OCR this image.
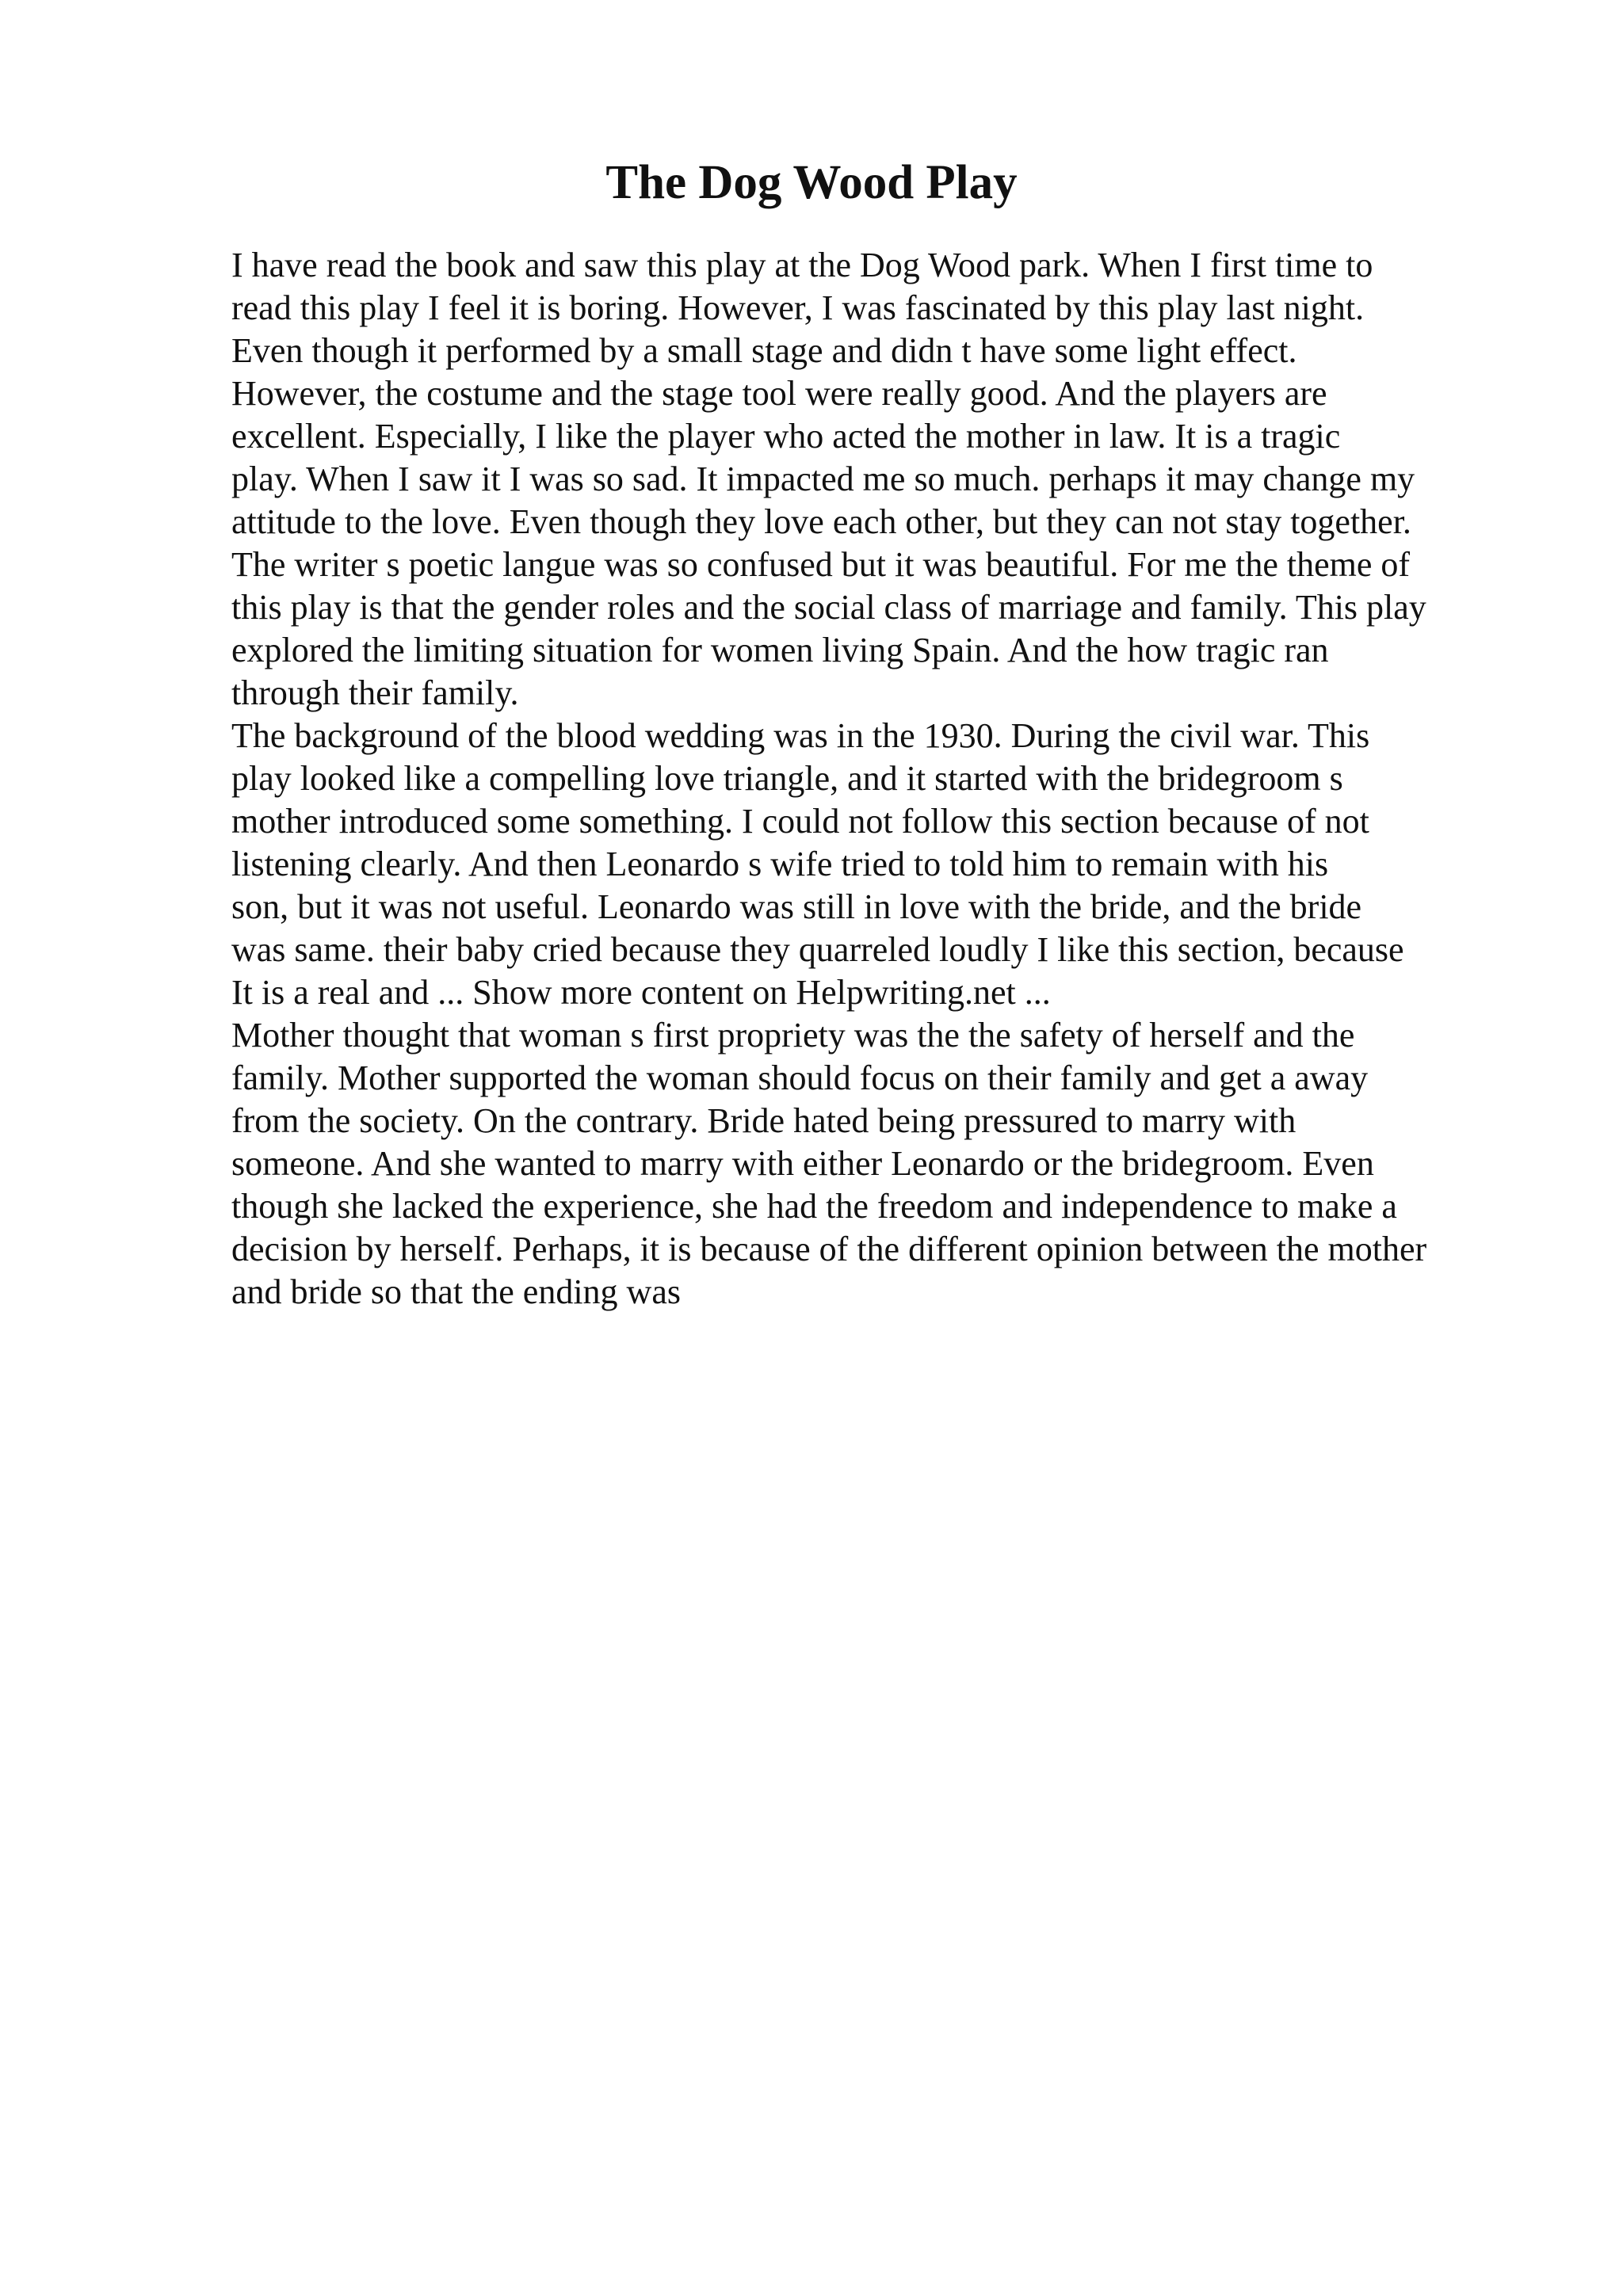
The Dog Wood Play
I have read the book and saw this play at the Dog Wood park. When I first time to
read this play I feel it is boring. However, I was fascinated by this play last night.
Even though it performed by a small stage and didn t have some light effect.
However, the costume and the stage tool were really good. And the players are
excellent. Especially, I like the player who acted the mother in law. It is a tragic
play. When I saw it I was so sad. It impacted me so much. perhaps it may change my
attitude to the love. Even though they love each other, but they can not stay together.
The writer s poetic langue was so confused but it was beautiful. For me the theme of
this play is that the gender roles and the social class of marriage and family. This play
explored the limiting situation for women living Spain. And the how tragic ran
through their family.
The background of the blood wedding was in the 1930. During the civil war. This
play looked like a compelling love triangle, and it started with the bridegroom s
mother introduced some something. I could not follow this section because of not
listening clearly. And then Leonardo s wife tried to told him to remain with his
son, but it was not useful. Leonardo was still in love with the bride, and the bride
was same. their baby cried because they quarreled loudly I like this section, because
It is a real and ... Show more content on Helpwriting.net ...
Mother thought that woman s first propriety was the the safety of herself and the
family. Mother supported the woman should focus on their family and get a away
from the society. On the contrary. Bride hated being pressured to marry with
someone. And she wanted to marry with either Leonardo or the bridegroom. Even
though she lacked the experience, she had the freedom and independence to make a
decision by herself. Perhaps, it is because of the different opinion between the mother
and bride so that the ending was
